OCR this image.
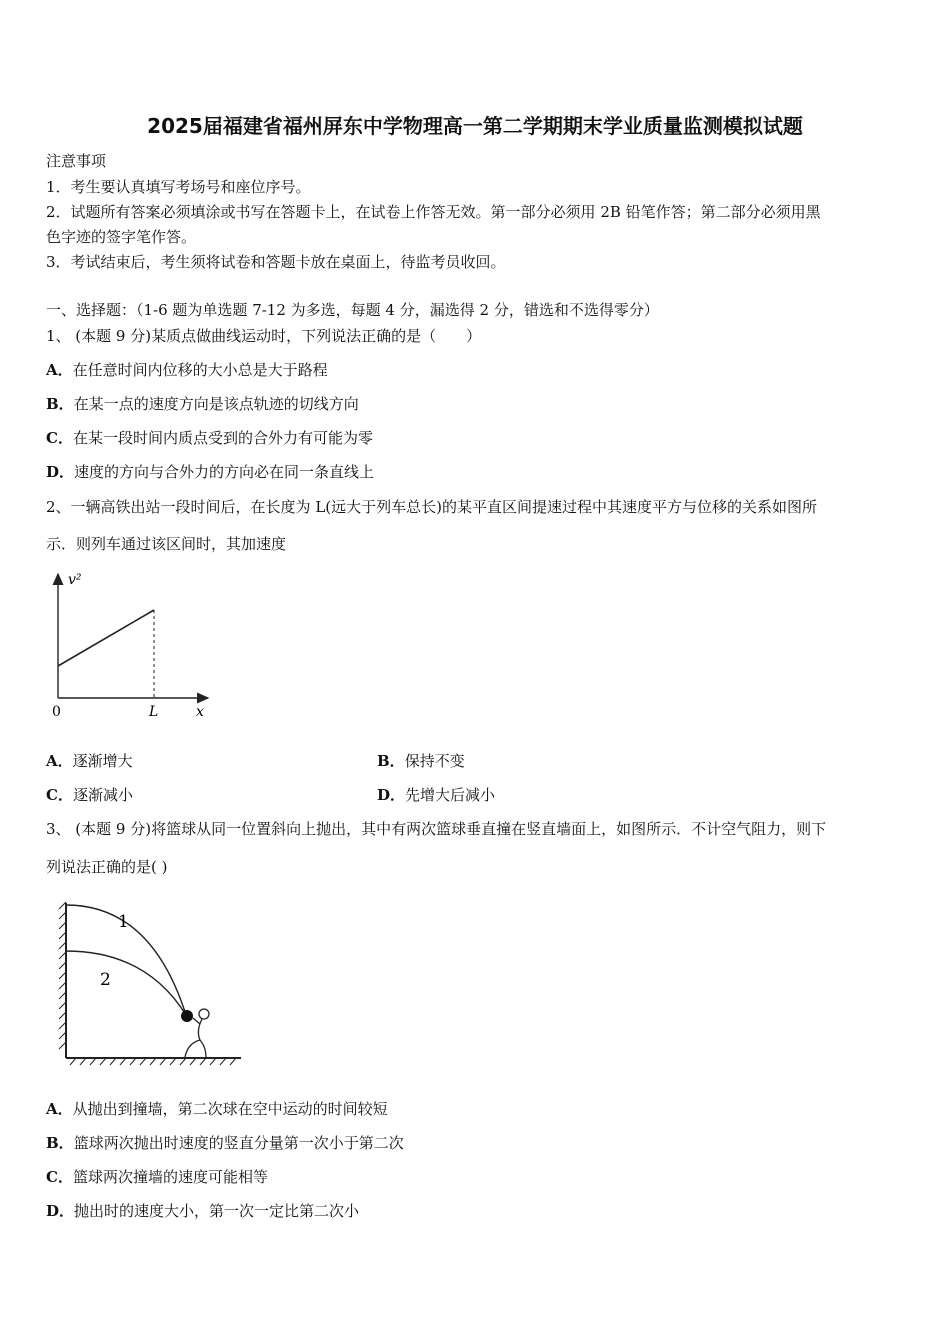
2025届福建省福州屏东中学物理高一第二学期期末学业质量监测模拟试题
注意事项
1．考生要认真填写考场号和座位序号。
2．试题所有答案必须填涂或书写在答题卡上，在试卷上作答无效。第一部分必须用 2B 铅笔作答；第二部分必须用黑
色字迹的签字笔作答。
3．考试结束后，考生须将试卷和答题卡放在桌面上，待监考员收回。
一、选择题：（1-6 题为单选题 7-12 为多选，每题 4 分，漏选得 2 分，错选和不选得零分）
1、 (本题 9 分)某质点做曲线运动时，下列说法正确的是（　　）
A．在任意时间内位移的大小总是大于路程
B．在某一点的速度方向是该点轨迹的切线方向
C．在某一段时间内质点受到的合外力有可能为零
D．速度的方向与合外力的方向必在同一条直线上
2、一辆高铁出站一段时间后，在长度为 L(远大于列车总长)的某平直区间提速过程中其速度平方与位移的关系如图所
示．则列车通过该区间时，其加速度
v²
0	L	x
A．逐渐增大	B．保持不变
C．逐渐减小	D．先增大后减小
3、 (本题 9 分)将篮球从同一位置斜向上抛出，其中有两次篮球垂直撞在竖直墙面上，如图所示．不计空气阻力，则下
列说法正确的是( )
1
2
A．从抛出到撞墙，第二次球在空中运动的时间较短
B．篮球两次抛出时速度的竖直分量第一次小于第二次
C．篮球两次撞墙的速度可能相等
D．抛出时的速度大小，第一次一定比第二次小
